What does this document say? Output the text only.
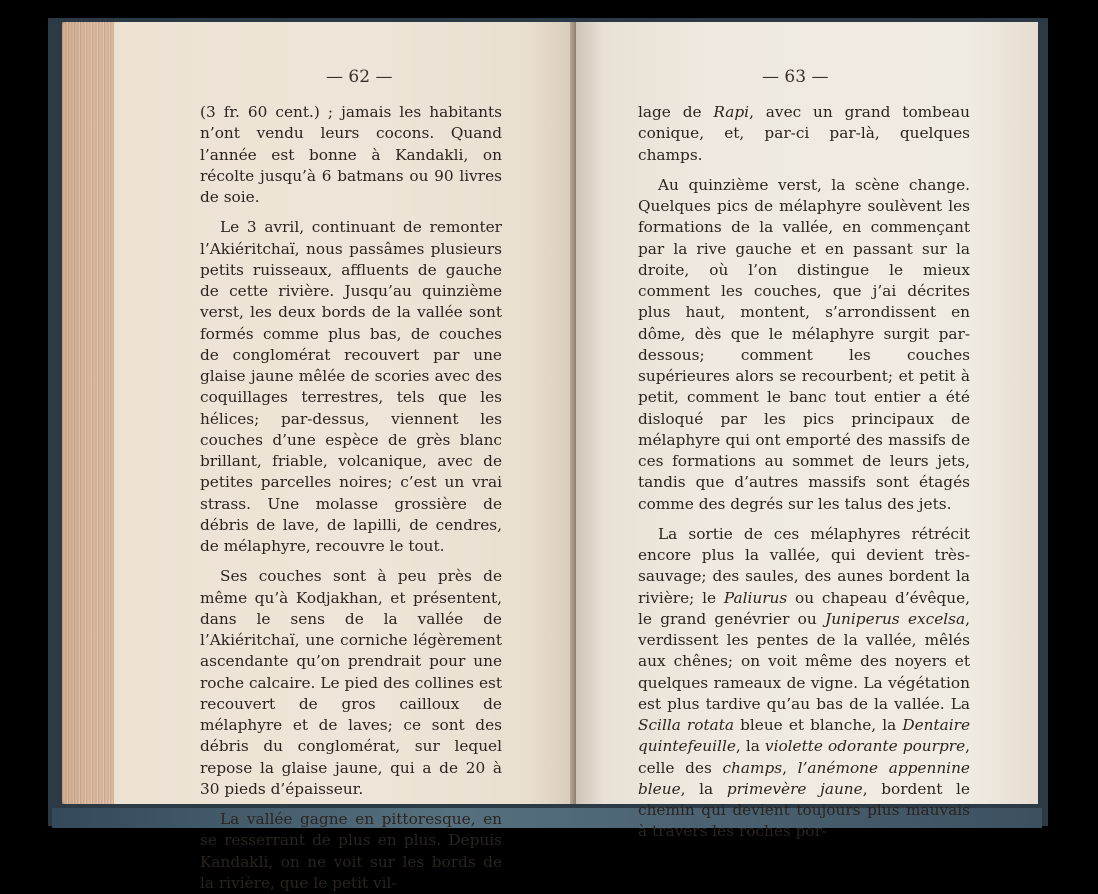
— 62 —

(3 fr. 60 cent.) ; jamais les habitants n’ont vendu leurs cocons. Quand l’année est bonne à Kandakli, on récolte jusqu’à 6 batmans ou 90 livres de soie.

Le 3 avril, continuant de remonter l’Akiéritchaï, nous passâmes plusieurs petits ruisseaux, affluents de gauche de cette rivière. Jusqu’au quinzième verst, les deux bords de la vallée sont formés comme plus bas, de couches de conglomérat recouvert par une glaise jaune mêlée de scories avec des coquillages terrestres, tels que les hélices; par-dessus, viennent les couches d’une espèce de grès blanc brillant, friable, volcanique, avec de petites parcelles noires; c’est un vrai strass. Une molasse grossière de débris de lave, de lapilli, de cendres, de mélaphyre, recouvre le tout.

Ses couches sont à peu près de même qu’à Kodjakhan, et présentent, dans le sens de la vallée de l’Akiéritchaï, une corniche légèrement ascendante qu’on prendrait pour une roche calcaire. Le pied des collines est recouvert de gros cailloux de mélaphyre et de laves; ce sont des débris du conglomérat, sur lequel repose la glaise jaune, qui a de 20 à 30 pieds d’épaisseur.

La vallée gagne en pittoresque, en se resserrant de plus en plus. Depuis Kandakli, on ne voit sur les bords de la rivière, que le petit vil-

— 63 —

lage de Rapi, avec un grand tombeau conique, et, par-ci par-là, quelques champs.

Au quinzième verst, la scène change. Quelques pics de mélaphyre soulèvent les formations de la vallée, en commençant par la rive gauche et en passant sur la droite, où l’on distingue le mieux comment les couches, que j’ai décrites plus haut, montent, s’arrondissent en dôme, dès que le mélaphyre surgit par-dessous; comment les couches supérieures alors se recourbent; et petit à petit, comment le banc tout entier a été disloqué par les pics principaux de mélaphyre qui ont emporté des massifs de ces formations au sommet de leurs jets, tandis que d’autres massifs sont étagés comme des degrés sur les talus des jets.

La sortie de ces mélaphyres rétrécit encore plus la vallée, qui devient très-sauvage; des saules, des aunes bordent la rivière; le Paliurus ou chapeau d’évêque, le grand genévrier ou Juniperus excelsa, verdissent les pentes de la vallée, mêlés aux chênes; on voit même des noyers et quelques rameaux de vigne. La végétation est plus tardive qu’au bas de la vallée. La Scilla rotata bleue et blanche, la Dentaire quintefeuille, la violette odorante pourpre, celle des champs, l’anémone appennine bleue, la primevère jaune, bordent le chemin qui devient toujours plus mauvais à travers les roches por-
